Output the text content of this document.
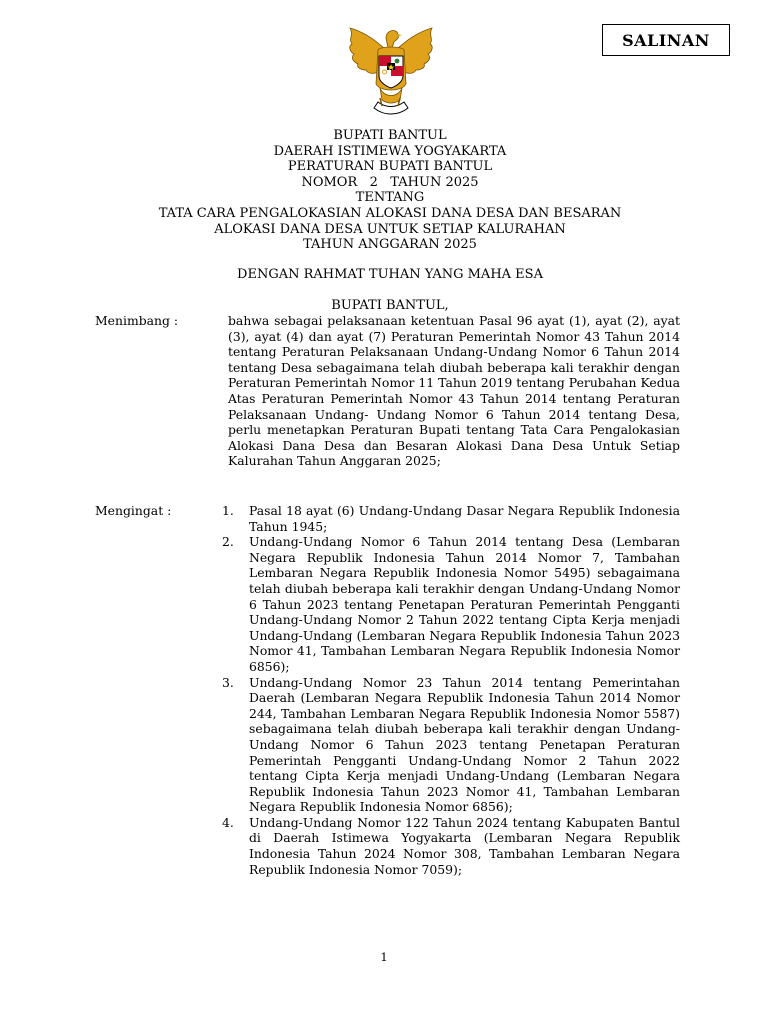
SALINAN
BUPATI BANTUL
DAERAH ISTIMEWA YOGYAKARTA
PERATURAN BUPATI BANTUL
NOMOR   2   TAHUN 2025
TENTANG
TATA CARA PENGALOKASIAN ALOKASI DANA DESA DAN BESARAN
ALOKASI DANA DESA UNTUK SETIAP KALURAHAN
TAHUN ANGGARAN 2025
DENGAN RAHMAT TUHAN YANG MAHA ESA
BUPATI BANTUL,
Menimbang :	bahwa sebagai pelaksanaan ketentuan Pasal 96 ayat (1), ayat (2), ayat (3), ayat (4) dan ayat (7) Peraturan Pemerintah Nomor 43 Tahun 2014 tentang Peraturan Pelaksanaan Undang-Undang Nomor 6 Tahun 2014 tentang Desa sebagaimana telah diubah beberapa kali terakhir dengan Peraturan Pemerintah Nomor 11 Tahun 2019 tentang Perubahan Kedua Atas Peraturan Pemerintah Nomor 43 Tahun 2014 tentang Peraturan Pelaksanaan Undang- Undang Nomor 6 Tahun 2014 tentang Desa, perlu menetapkan Peraturan Bupati tentang Tata Cara Pengalokasian Alokasi Dana Desa dan Besaran Alokasi Dana Desa Untuk Setiap Kalurahan Tahun Anggaran 2025;
Mengingat :	1. Pasal 18 ayat (6) Undang-Undang Dasar Negara Republik Indonesia Tahun 1945;
2. Undang-Undang Nomor 6 Tahun 2014 tentang Desa (Lembaran Negara Republik Indonesia Tahun 2014 Nomor 7, Tambahan Lembaran Negara Republik Indonesia Nomor 5495) sebagaimana telah diubah beberapa kali terakhir dengan Undang-Undang Nomor 6 Tahun 2023 tentang Penetapan Peraturan Pemerintah Pengganti Undang-Undang Nomor 2 Tahun 2022 tentang Cipta Kerja menjadi Undang-Undang (Lembaran Negara Republik Indonesia Tahun 2023 Nomor 41, Tambahan Lembaran Negara Republik Indonesia Nomor 6856);
3. Undang-Undang Nomor 23 Tahun 2014 tentang Pemerintahan Daerah (Lembaran Negara Republik Indonesia Tahun 2014 Nomor 244, Tambahan Lembaran Negara Republik Indonesia Nomor 5587) sebagaimana telah diubah beberapa kali terakhir dengan Undang-Undang Nomor 6 Tahun 2023 tentang Penetapan Peraturan Pemerintah Pengganti Undang-Undang Nomor 2 Tahun 2022 tentang Cipta Kerja menjadi Undang-Undang (Lembaran Negara Republik Indonesia Tahun 2023 Nomor 41, Tambahan Lembaran Negara Republik Indonesia Nomor 6856);
4. Undang-Undang Nomor 122 Tahun 2024 tentang Kabupaten Bantul di Daerah Istimewa Yogyakarta (Lembaran Negara Republik Indonesia Tahun 2024 Nomor 308, Tambahan Lembaran Negara Republik Indonesia Nomor 7059);
1
